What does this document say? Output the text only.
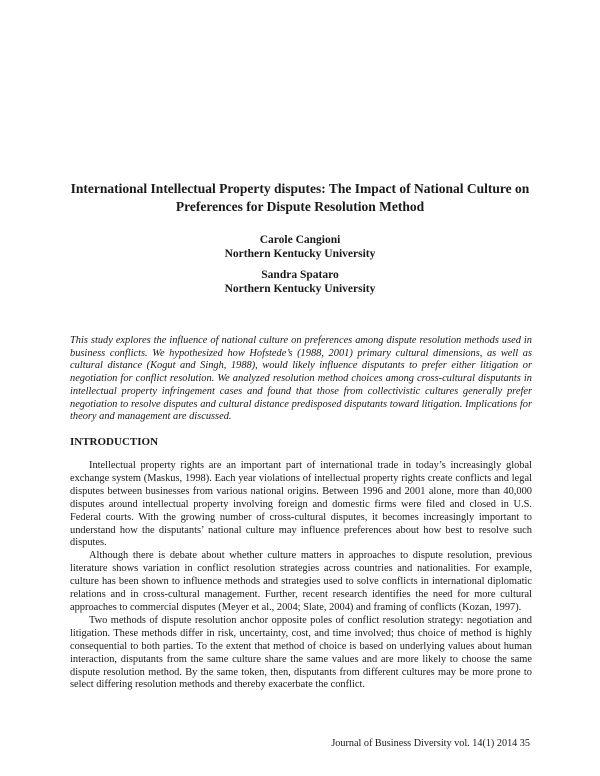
International Intellectual Property disputes: The Impact of National Culture on Preferences for Dispute Resolution Method
Carole Cangioni
Northern Kentucky University
Sandra Spataro
Northern Kentucky University

This study explores the influence of national culture on preferences among dispute resolution methods used in business conflicts. We hypothesized how Hofstede’s (1988, 2001) primary cultural dimensions, as well as cultural distance (Kogut and Singh, 1988), would likely influence disputants to prefer either litigation or negotiation for conflict resolution. We analyzed resolution method choices among cross-cultural disputants in intellectual property infringement cases and found that those from collectivistic cultures generally prefer negotiation to resolve disputes and cultural distance predisposed disputants toward litigation. Implications for theory and management are discussed.

INTRODUCTION

Intellectual property rights are an important part of international trade in today’s increasingly global exchange system (Maskus, 1998). Each year violations of intellectual property rights create conflicts and legal disputes between businesses from various national origins. Between 1996 and 2001 alone, more than 40,000 disputes around intellectual property involving foreign and domestic firms were filed and closed in U.S. Federal courts. With the growing number of cross-cultural disputes, it becomes increasingly important to understand how the disputants’ national culture may influence preferences about how best to resolve such disputes.

Although there is debate about whether culture matters in approaches to dispute resolution, previous literature shows variation in conflict resolution strategies across countries and nationalities. For example, culture has been shown to influence methods and strategies used to solve conflicts in international diplomatic relations and in cross-cultural management. Further, recent research identifies the need for more cultural approaches to commercial disputes (Meyer et al., 2004; Slate, 2004) and framing of conflicts (Kozan, 1997).

Two methods of dispute resolution anchor opposite poles of conflict resolution strategy: negotiation and litigation. These methods differ in risk, uncertainty, cost, and time involved; thus choice of method is highly consequential to both parties. To the extent that method of choice is based on underlying values about human interaction, disputants from the same culture share the same values and are more likely to choose the same dispute resolution method. By the same token, then, disputants from different cultures may be more prone to select differing resolution methods and thereby exacerbate the conflict.

Journal of Business Diversity vol. 14(1) 2014 35
